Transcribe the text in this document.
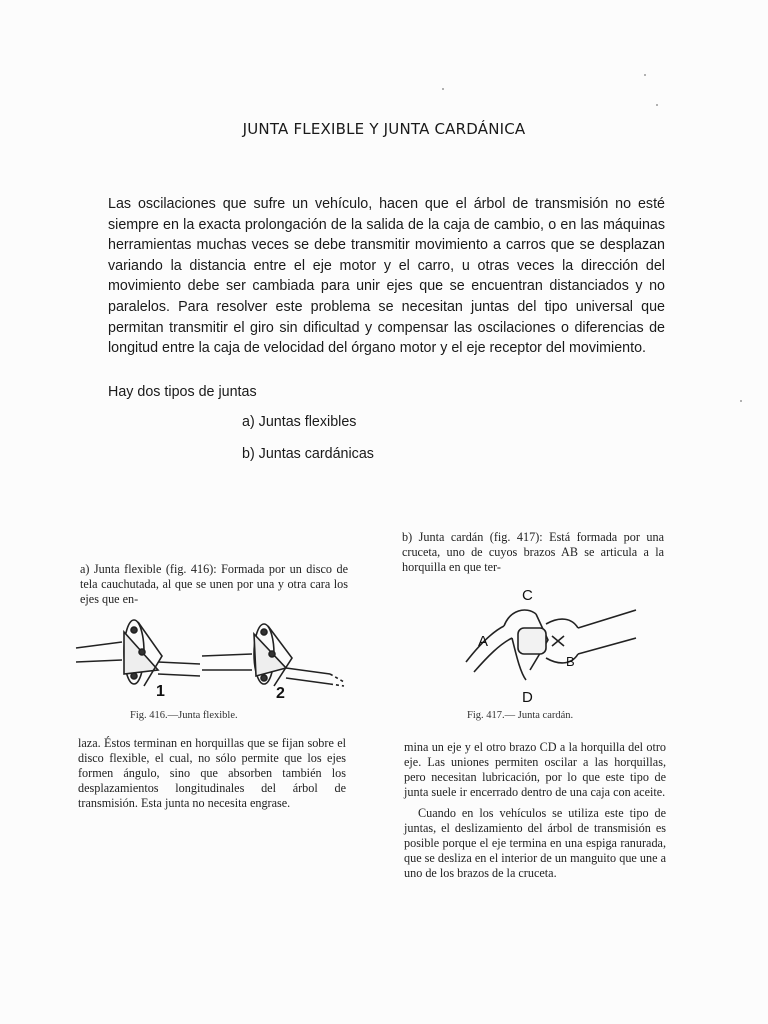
JUNTA FLEXIBLE Y JUNTA CARDÁNICA

Las oscilaciones que sufre un vehículo, hacen que el árbol de transmisión no esté siempre en la exacta prolongación de la salida de la caja de cambio, o en las máquinas herramientas muchas veces se debe transmitir movimiento a carros que se desplazan variando la distancia entre el eje motor y el carro, u otras veces la dirección del movimiento debe ser cambiada para unir ejes que se encuentran distanciados y no paralelos. Para resolver este problema se necesitan juntas del tipo universal que permitan transmitir el giro sin dificultad y compensar las oscilaciones o diferencias de longitud entre la caja de velocidad del órgano motor y el eje receptor del movimiento.

Hay dos tipos de juntas
a) Juntas flexibles
b) Juntas cardánicas
a) Junta flexible (fig. 416): Formada por un disco de tela cauchutada, al que se unen por una y otra cara los ejes que en-
1	2
Fig. 416.—Junta flexible.
laza. Éstos terminan en horquillas que se fijan sobre el disco flexible, el cual, no sólo permite que los ejes formen ángulo, sino que absorben también los desplazamientos longitudinales del árbol de transmisión. Esta junta no necesita engrase.
b) Junta cardán (fig. 417): Está formada por una cruceta, uno de cuyos brazos AB se articula a la horquilla en que ter-
C
A
B
D
Fig. 417.— Junta cardán.
mina un eje y el otro brazo CD a la horquilla del otro eje. Las uniones permiten oscilar a las horquillas, pero necesitan lubricación, por lo que este tipo de junta suele ir encerrado dentro de una caja con aceite.
Cuando en los vehículos se utiliza este tipo de juntas, el deslizamiento del árbol de transmisión es posible porque el eje termina en una espiga ranurada, que se desliza en el interior de un manguito que une a uno de los brazos de la cruceta.
